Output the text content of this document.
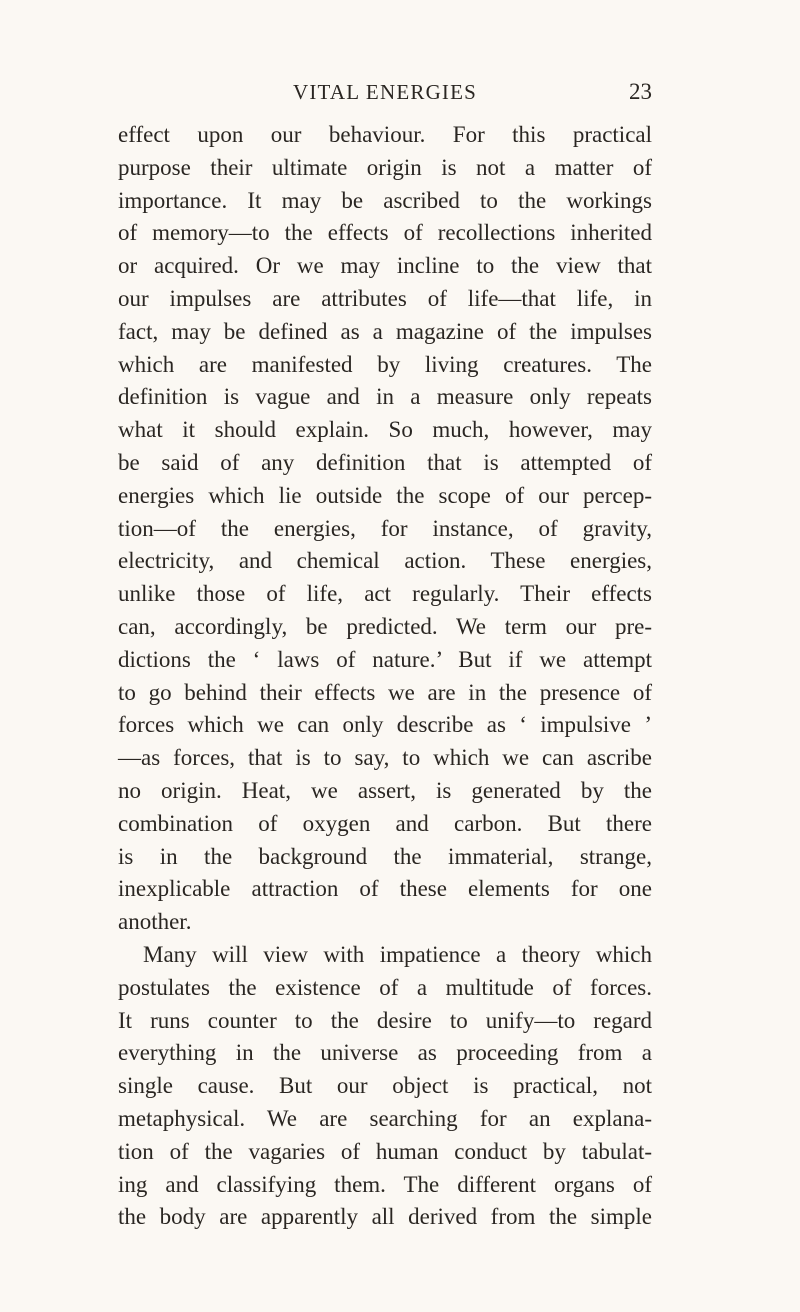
VITAL ENERGIES	23
effect upon our behaviour. For this practical
purpose their ultimate origin is not a matter of
importance. It may be ascribed to the workings
of memory—to the effects of recollections inherited
or acquired. Or we may incline to the view that
our impulses are attributes of life—that life, in
fact, may be defined as a magazine of the impulses
which are manifested by living creatures. The
definition is vague and in a measure only repeats
what it should explain. So much, however, may
be said of any definition that is attempted of
energies which lie outside the scope of our percep-
tion—of the energies, for instance, of gravity,
electricity, and chemical action. These energies,
unlike those of life, act regularly. Their effects
can, accordingly, be predicted. We term our pre-
dictions the ‘ laws of nature.’ But if we attempt
to go behind their effects we are in the presence of
forces which we can only describe as ‘ impulsive ’
—as forces, that is to say, to which we can ascribe
no origin. Heat, we assert, is generated by the
combination of oxygen and carbon. But there
is in the background the immaterial, strange,
inexplicable attraction of these elements for one
another.
Many will view with impatience a theory which
postulates the existence of a multitude of forces.
It runs counter to the desire to unify—to regard
everything in the universe as proceeding from a
single cause. But our object is practical, not
metaphysical. We are searching for an explana-
tion of the vagaries of human conduct by tabulat-
ing and classifying them. The different organs of
the body are apparently all derived from the simple
